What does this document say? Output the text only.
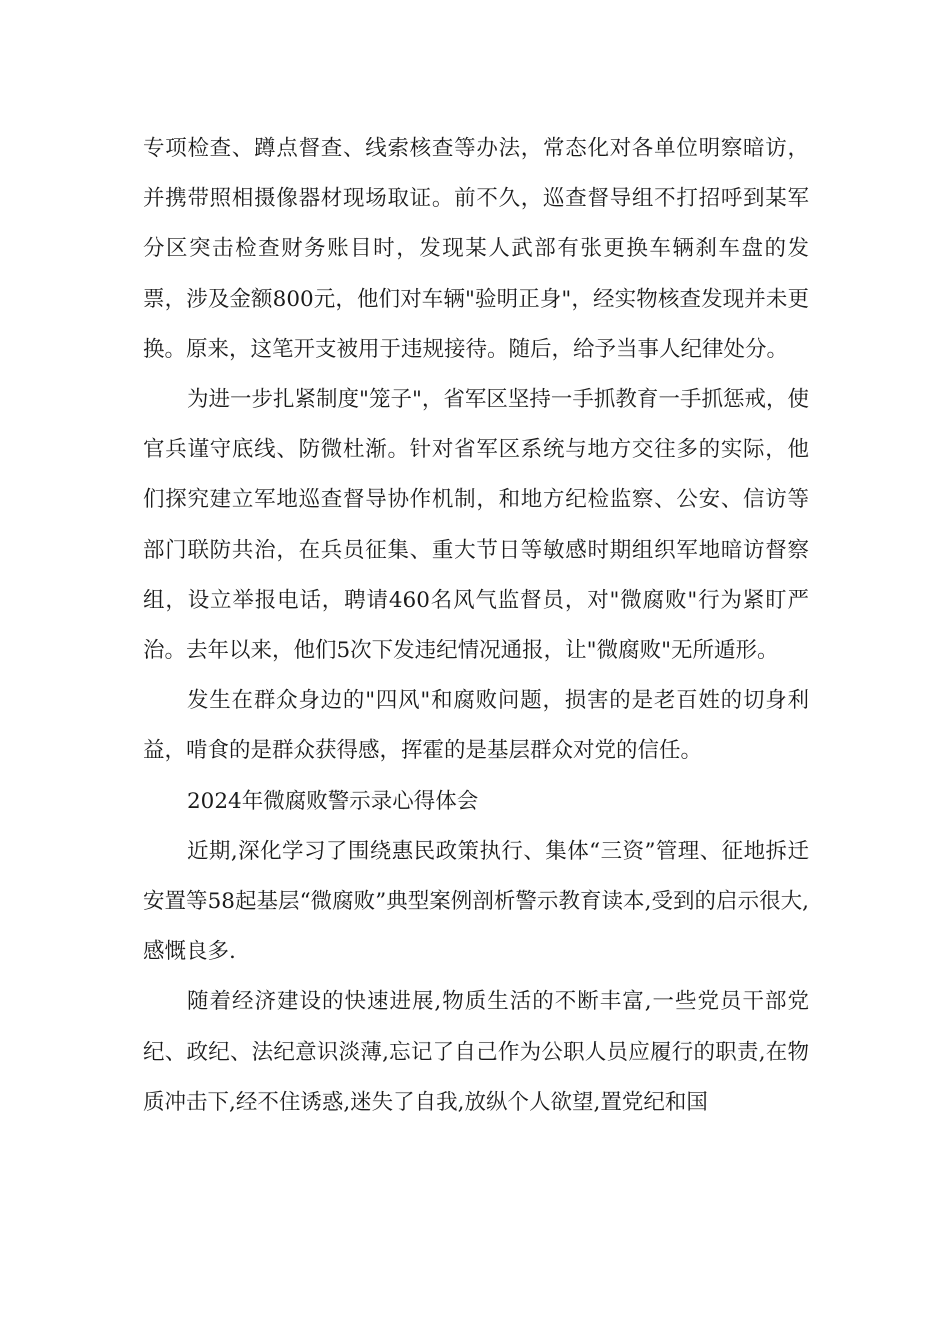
专项检查、蹲点督查、线索核查等办法，常态化对各单位明察暗访，并携带照相摄像器材现场取证。前不久，巡查督导组不打招呼到某军分区突击检查财务账目时，发现某人武部有张更换车辆刹车盘的发票，涉及金额800元，他们对车辆"验明正身"，经实物核查发现并未更换。原来，这笔开支被用于违规接待。随后，给予当事人纪律处分。

为进一步扎紧制度"笼子"，省军区坚持一手抓教育一手抓惩戒，使官兵谨守底线、防微杜渐。针对省军区系统与地方交往多的实际，他们探究建立军地巡查督导协作机制，和地方纪检监察、公安、信访等部门联防共治，在兵员征集、重大节日等敏感时期组织军地暗访督察组，设立举报电话，聘请460名风气监督员，对"微腐败"行为紧盯严治。去年以来，他们5次下发违纪情况通报，让"微腐败"无所遁形。

发生在群众身边的"四风"和腐败问题，损害的是老百姓的切身利益，啃食的是群众获得感，挥霍的是基层群众对党的信任。

2024年微腐败警示录心得体会

近期,深化学习了围绕惠民政策执行、集体“三资”管理、征地拆迁安置等58起基层“微腐败”典型案例剖析警示教育读本,受到的启示很大,感慨良多.

随着经济建设的快速进展,物质生活的不断丰富,一些党员干部党纪、政纪、法纪意识淡薄,忘记了自己作为公职人员应履行的职责,在物质冲击下,经不住诱惑,迷失了自我,放纵个人欲望,置党纪和国
